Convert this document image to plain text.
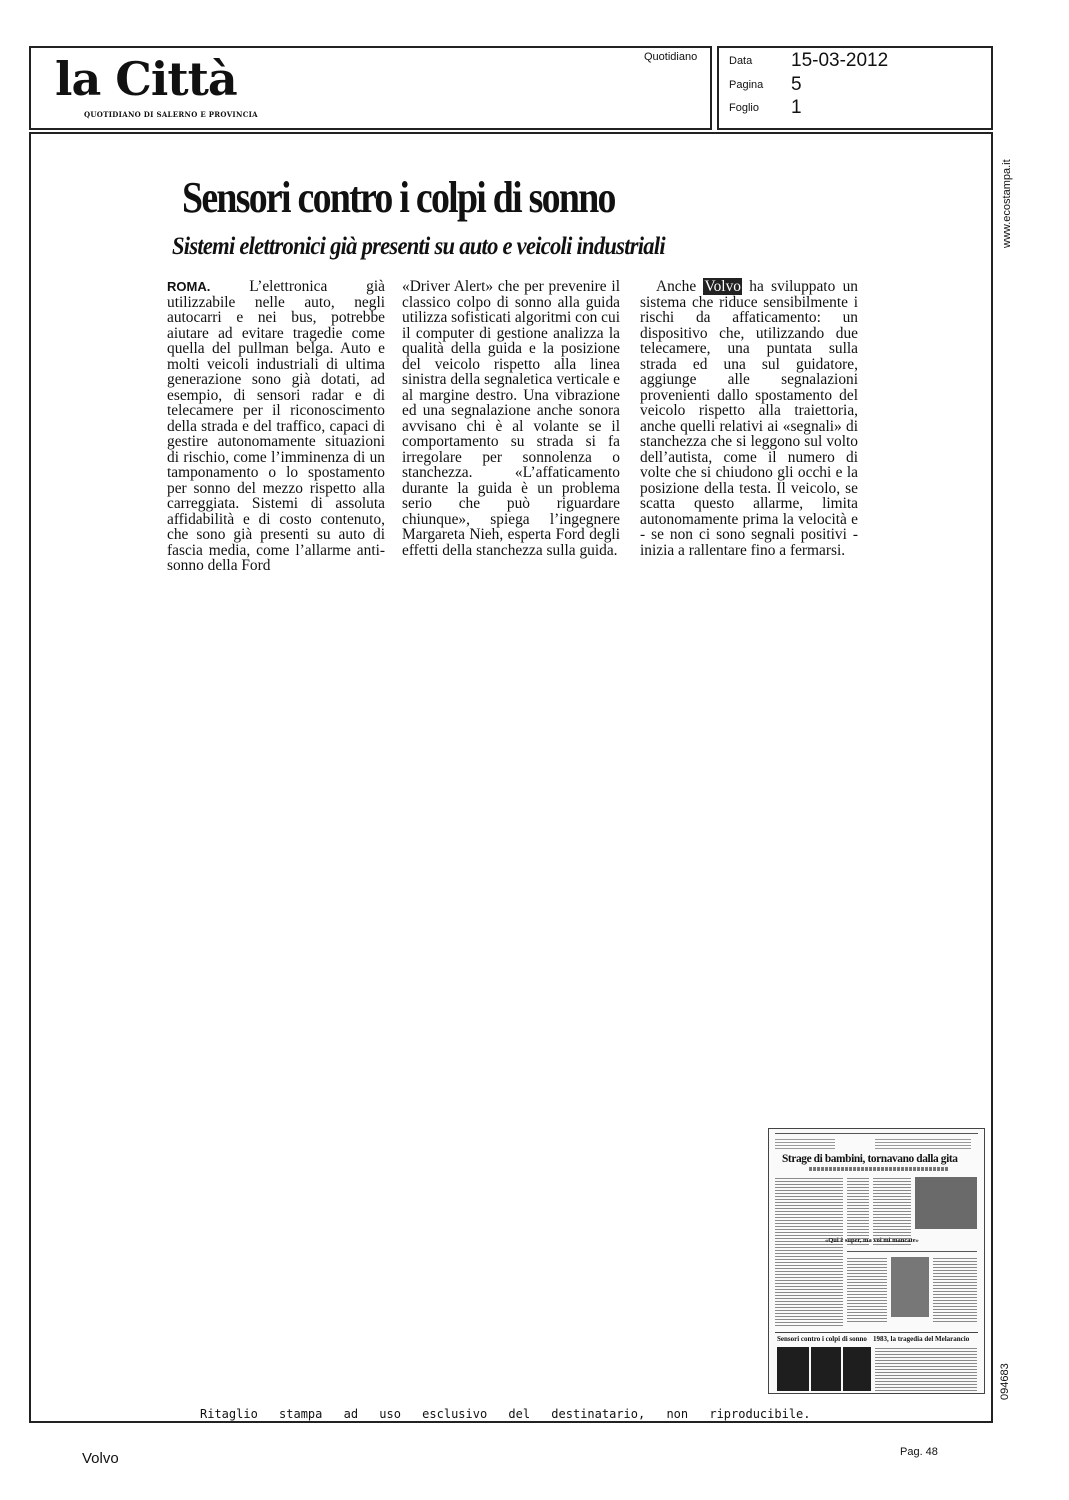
la Città
QUOTIDIANO DI SALERNO E PROVINCIA
Quotidiano	Data 15-03-2012
Pagina 5
Foglio 1
www.ecostampa.it
094683
Sensori contro i colpi di sonno
Sistemi elettronici già presenti su auto e veicoli industriali
ROMA.	L’elettronica già utilizzabile nelle auto, negli autocarri e nei bus, potrebbe aiutare ad evitare tragedie come quella del pullman belga. Auto e molti veicoli industriali di ultima generazione sono già dotati, ad esempio, di sensori radar e di telecamere per il riconoscimento della strada e del traffico, capaci di gestire autonomamente situazioni di rischio, come l’imminenza di un tamponamento o lo spostamento per sonno del mezzo rispetto alla carreggiata. Sistemi di assoluta affidabilità e di costo contenuto, che sono già presenti su auto di fascia media, come l’allarme anti-sonno della Ford
«Driver Alert» che per prevenire il classico colpo di sonno alla guida utilizza sofisticati algoritmi con cui il computer di gestione analizza la qualità della guida e la posizione del veicolo rispetto alla linea sinistra della segnaletica verticale e al margine destro. Una vibrazione ed una segnalazione anche sonora avvisano chi è al volante se il comportamento su strada si fa irregolare per sonnolenza o stanchezza. «L’affaticamento durante la guida è un problema serio che può riguardare chiunque», spiega l’ingegnere Margareta Nieh, esperta Ford degli effetti della stanchezza sulla guida.
Anche Volvo ha sviluppato un sistema che riduce sensibilmente i rischi da affaticamento: un dispositivo che, utilizzando due telecamere, una puntata sulla strada ed una sul guidatore, aggiunge alle segnalazioni provenienti dallo spostamento del veicolo rispetto alla traiettoria, anche quelli relativi ai «segnali» di stanchezza che si leggono sul volto dell’autista, come il numero di volte che si chiudono gli occhi e la posizione della testa. Il veicolo, se scatta questo allarme, limita autonomamente prima la velocità e - se non ci sono segnali positivi - inizia a rallentare fino a fermarsi.
Strage di bambini, tornavano dalla gita
«Qui è super, ma voi mi mancate»
Sensori contro i colpi di sonno 1983, la tragedia del Melarancio
Ritaglio stampa ad uso esclusivo del destinatario, non riproducibile.
Volvo	Pag. 48
